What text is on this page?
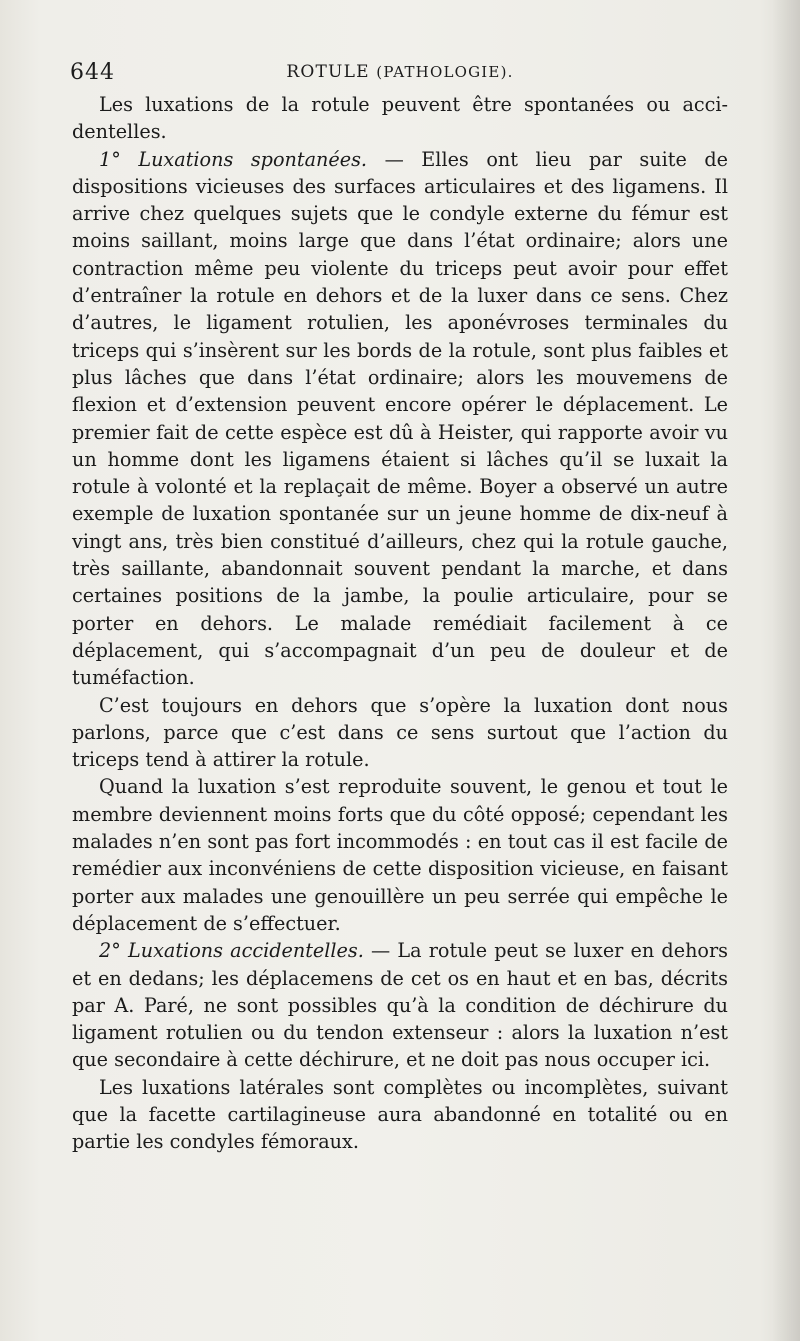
644	ROTULE (PATHOLOGIE).

Les luxations de la rotule peuvent être spontanées ou acci-dentelles.

1° Luxations spontanées. — Elles ont lieu par suite de dispositions vicieuses des surfaces articulaires et des ligamens. Il arrive chez quelques sujets que le condyle externe du fémur est moins saillant, moins large que dans l’état ordinaire; alors une contraction même peu violente du triceps peut avoir pour effet d’entraîner la rotule en dehors et de la luxer dans ce sens. Chez d’autres, le ligament rotulien, les aponévroses terminales du triceps qui s’insèrent sur les bords de la rotule, sont plus faibles et plus lâches que dans l’état ordinaire; alors les mouvemens de flexion et d’extension peuvent encore opérer le déplacement. Le premier fait de cette espèce est dû à Heister, qui rapporte avoir vu un homme dont les ligamens étaient si lâches qu’il se luxait la rotule à volonté et la replaçait de même. Boyer a observé un autre exemple de luxation spontanée sur un jeune homme de dix-neuf à vingt ans, très bien constitué d’ailleurs, chez qui la rotule gauche, très saillante, abandonnait souvent pendant la marche, et dans certaines positions de la jambe, la poulie articulaire, pour se porter en dehors. Le malade remédiait facilement à ce déplacement, qui s’accompagnait d’un peu de douleur et de tuméfaction.

C’est toujours en dehors que s’opère la luxation dont nous parlons, parce que c’est dans ce sens surtout que l’action du triceps tend à attirer la rotule.

Quand la luxation s’est reproduite souvent, le genou et tout le membre deviennent moins forts que du côté opposé; cependant les malades n’en sont pas fort incommodés : en tout cas il est facile de remédier aux inconvéniens de cette disposition vicieuse, en faisant porter aux malades une genouillère un peu serrée qui empêche le déplacement de s’effectuer.

2° Luxations accidentelles. — La rotule peut se luxer en dehors et en dedans; les déplacemens de cet os en haut et en bas, décrits par A. Paré, ne sont possibles qu’à la condition de déchirure du ligament rotulien ou du tendon extenseur : alors la luxation n’est que secondaire à cette déchirure, et ne doit pas nous occuper ici.

Les luxations latérales sont complètes ou incomplètes, suivant que la facette cartilagineuse aura abandonné en totalité ou en partie les condyles fémoraux.
